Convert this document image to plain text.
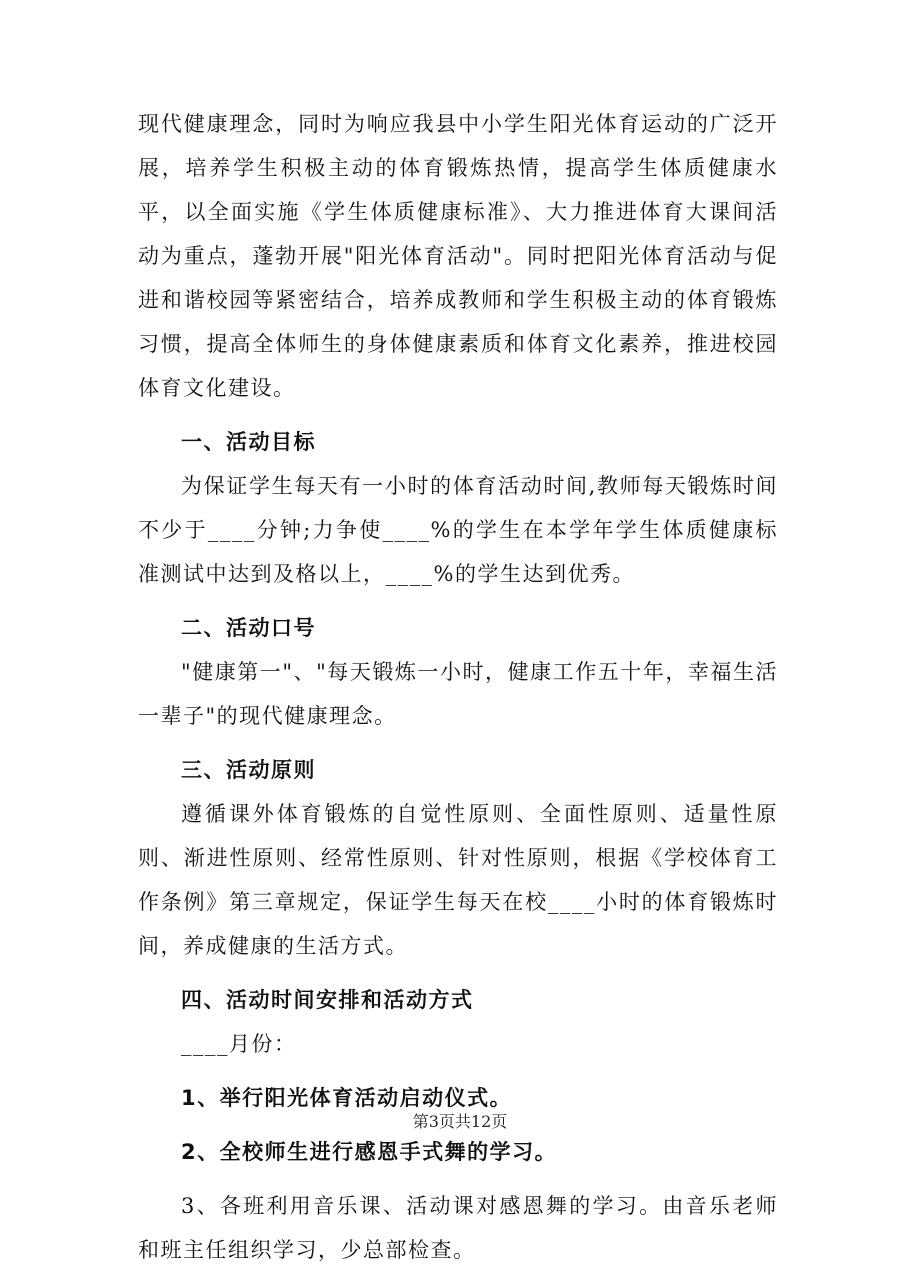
现代健康理念，同时为响应我县中小学生阳光体育运动的广泛开展，培养学生积极主动的体育锻炼热情，提高学生体质健康水平，以全面实施《学生体质健康标准》、大力推进体育大课间活动为重点，蓬勃开展"阳光体育活动"。同时把阳光体育活动与促进和谐校园等紧密结合，培养成教师和学生积极主动的体育锻炼习惯，提高全体师生的身体健康素质和体育文化素养，推进校园体育文化建设。

一、活动目标

为保证学生每天有一小时的体育活动时间,教师每天锻炼时间不少于____分钟;力争使____%的学生在本学年学生体质健康标准测试中达到及格以上，____%的学生达到优秀。

二、活动口号

"健康第一"、"每天锻炼一小时，健康工作五十年，幸福生活一辈子"的现代健康理念。

三、活动原则

遵循课外体育锻炼的自觉性原则、全面性原则、适量性原则、渐进性原则、经常性原则、针对性原则，根据《学校体育工作条例》第三章规定，保证学生每天在校____小时的体育锻炼时间，养成健康的生活方式。

四、活动时间安排和活动方式

____月份：

1、举行阳光体育活动启动仪式。

2、全校师生进行感恩手式舞的学习。

3、各班利用音乐课、活动课对感恩舞的学习。由音乐老师和班主任组织学习，少总部检查。

第3页共12页
